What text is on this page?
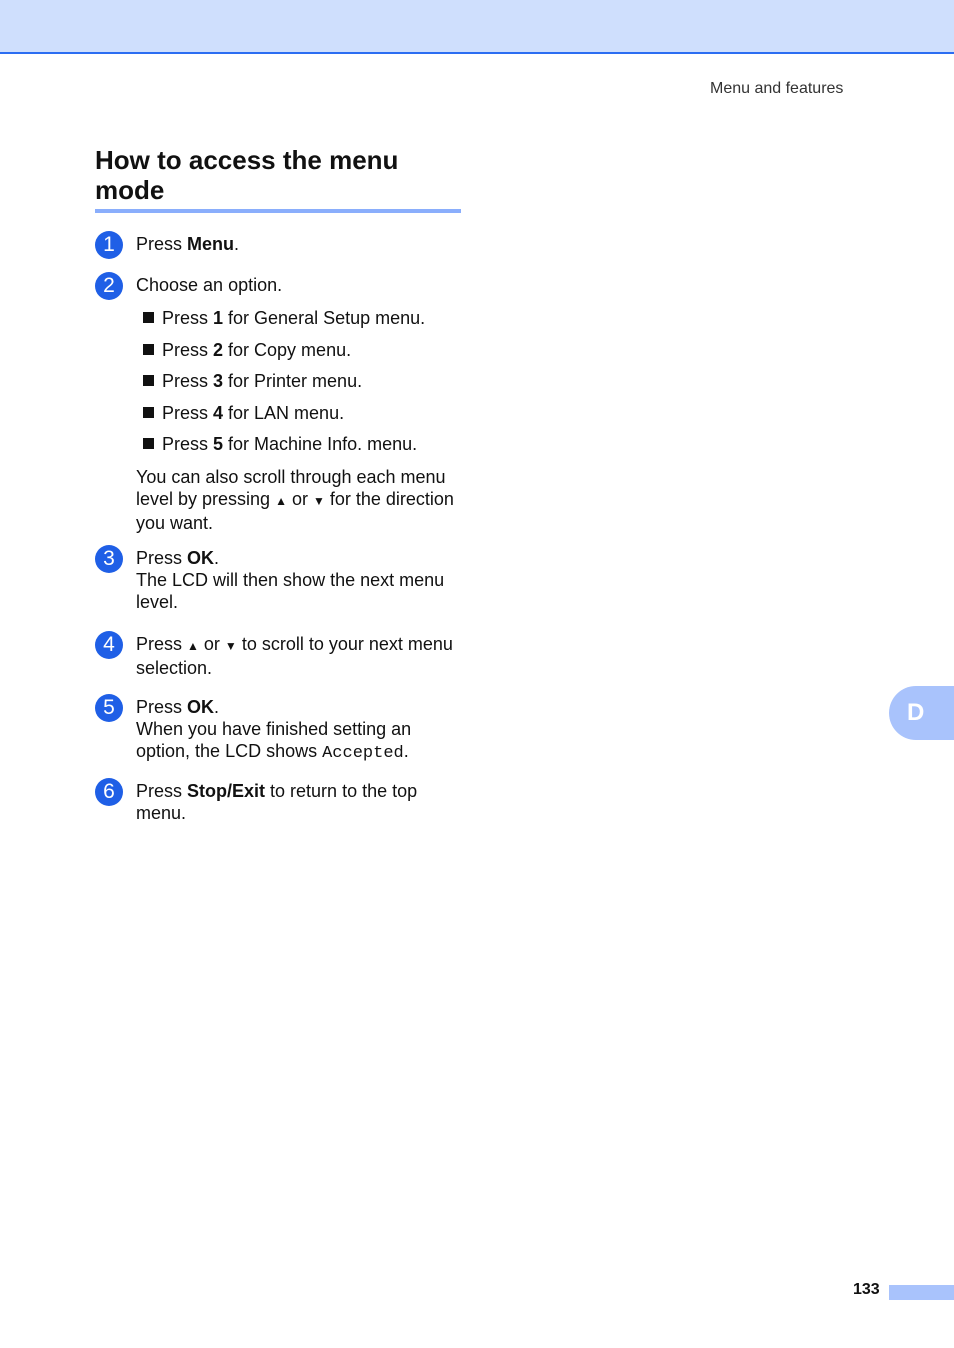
Menu and features
How to access the menu mode
1	Press Menu.
2	Choose an option.
Press 1 for General Setup menu.
Press 2 for Copy menu.
Press 3 for Printer menu.
Press 4 for LAN menu.
Press 5 for Machine Info. menu.
You can also scroll through each menu level by pressing ▲ or ▼ for the direction you want.
3	Press OK.
The LCD will then show the next menu level.
4	Press ▲ or ▼ to scroll to your next menu selection.
5	Press OK.
When you have finished setting an option, the LCD shows Accepted.
6	Press Stop/Exit to return to the top menu.
D
133
